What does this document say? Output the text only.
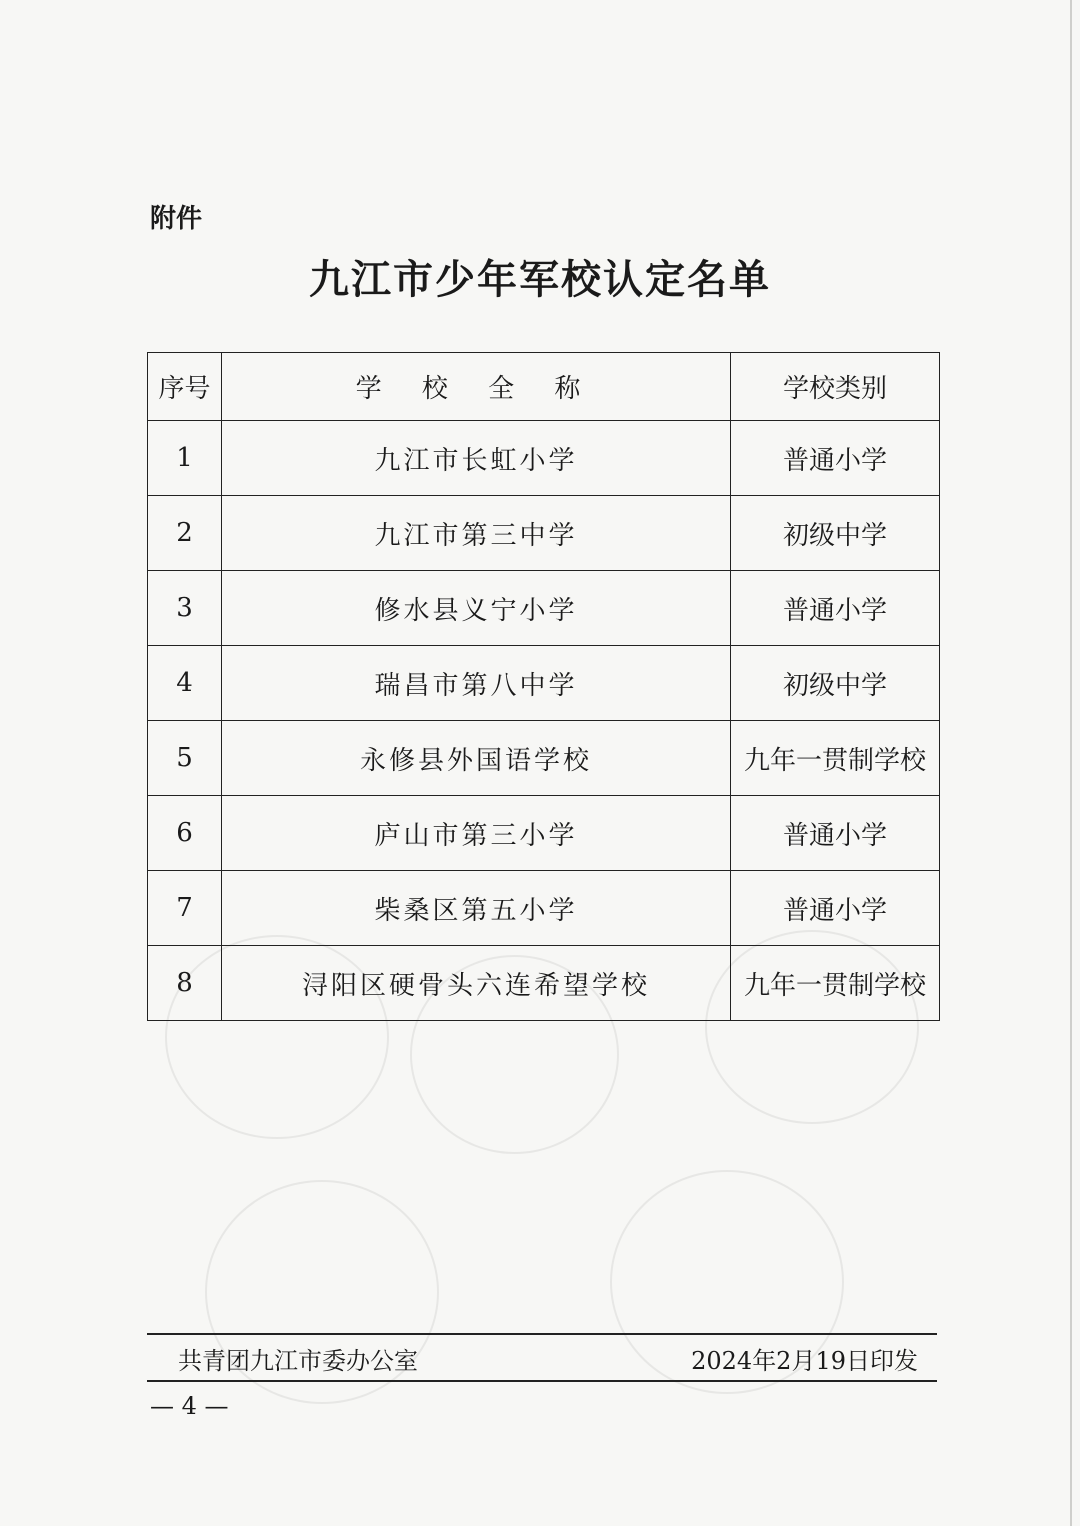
附件
九江市少年军校认定名单
序号	学 校 全 称	学校类别
1	九江市长虹小学	普通小学
2	九江市第三中学	初级中学
3	修水县义宁小学	普通小学
4	瑞昌市第八中学	初级中学
5	永修县外国语学校	九年一贯制学校
6	庐山市第三小学	普通小学
7	柴桑区第五小学	普通小学
8	浔阳区硬骨头六连希望学校	九年一贯制学校
共青团九江市委办公室	2024年2月19日印发
— 4 —
